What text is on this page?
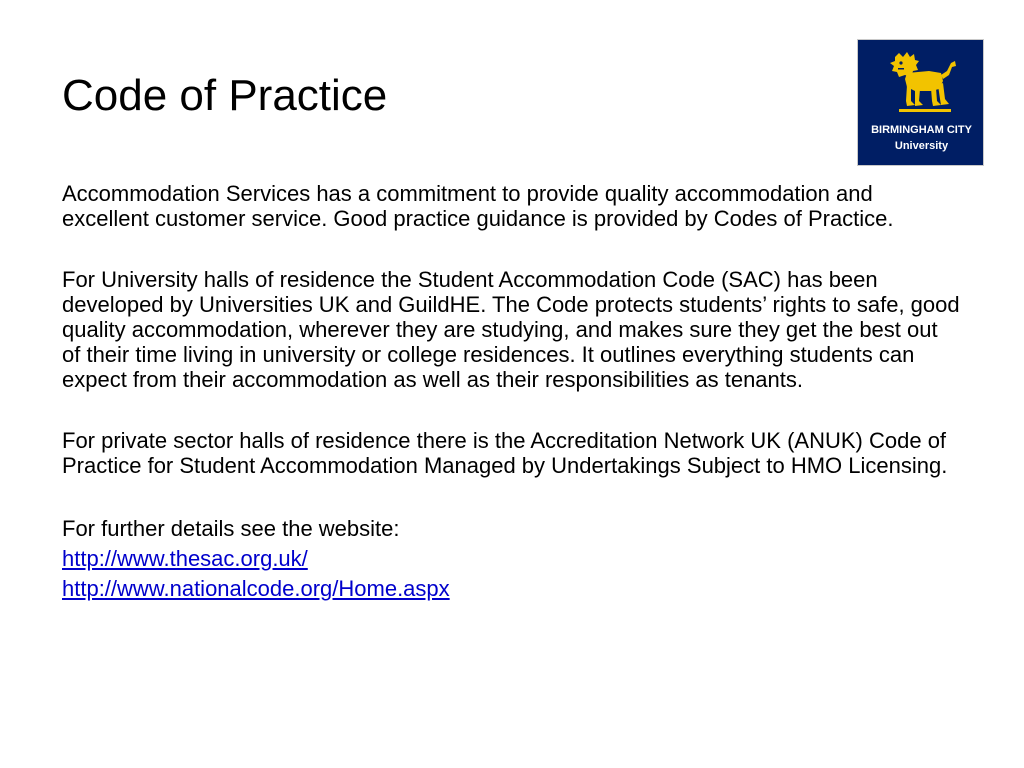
Code of Practice
BIRMINGHAM CITY
University

Accommodation Services has a commitment to provide quality accommodation and excellent customer service. Good practice guidance is provided by Codes of Practice.

For University halls of residence the Student Accommodation Code (SAC) has been developed by Universities UK and GuildHE. The Code protects students’ rights to safe, good quality accommodation, wherever they are studying, and makes sure they get the best out of their time living in university or college residences. It outlines everything students can expect from their accommodation as well as their responsibilities as tenants.

For private sector halls of residence there is the Accreditation Network UK (ANUK) Code of Practice for Student Accommodation Managed by Undertakings Subject to HMO Licensing.

For further details see the website:

http://www.thesac.org.uk/
http://www.nationalcode.org/Home.aspx
